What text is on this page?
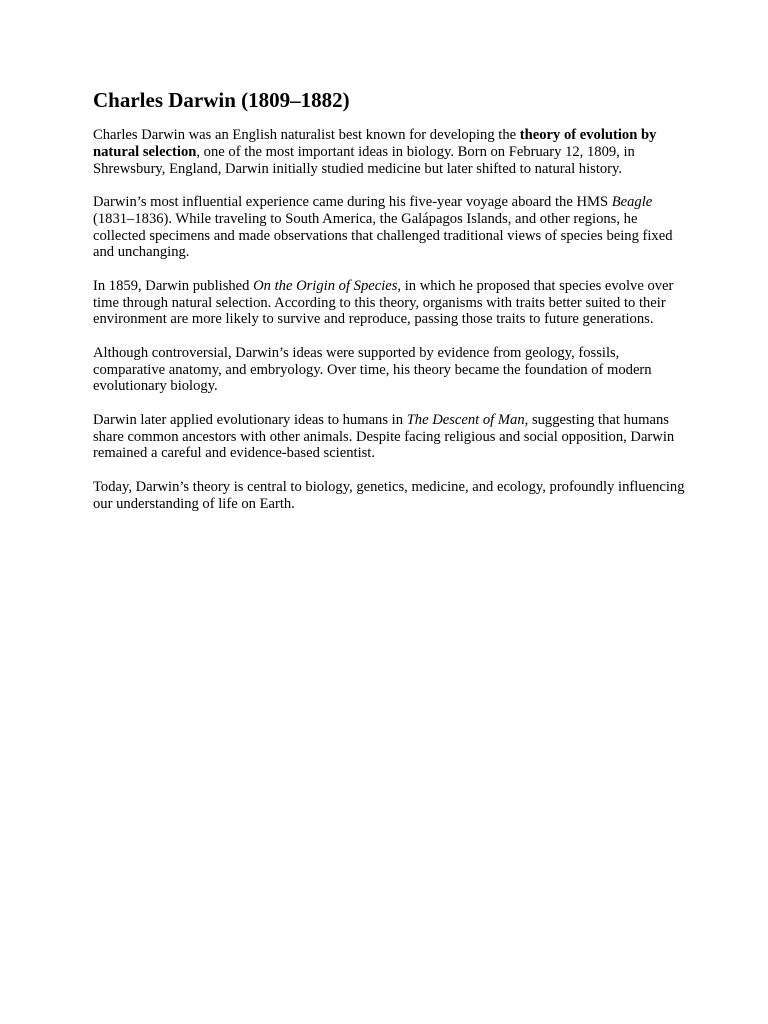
Charles Darwin (1809–1882)

Charles Darwin was an English naturalist best known for developing the theory of evolution by natural selection, one of the most important ideas in biology. Born on February 12, 1809, in Shrewsbury, England, Darwin initially studied medicine but later shifted to natural history.

Darwin’s most influential experience came during his five-year voyage aboard the HMS Beagle (1831–1836). While traveling to South America, the Galápagos Islands, and other regions, he collected specimens and made observations that challenged traditional views of species being fixed and unchanging.

In 1859, Darwin published On the Origin of Species, in which he proposed that species evolve over time through natural selection. According to this theory, organisms with traits better suited to their environment are more likely to survive and reproduce, passing those traits to future generations.

Although controversial, Darwin’s ideas were supported by evidence from geology, fossils, comparative anatomy, and embryology. Over time, his theory became the foundation of modern evolutionary biology.

Darwin later applied evolutionary ideas to humans in The Descent of Man, suggesting that humans share common ancestors with other animals. Despite facing religious and social opposition, Darwin remained a careful and evidence-based scientist.

Today, Darwin’s theory is central to biology, genetics, medicine, and ecology, profoundly influencing our understanding of life on Earth.
